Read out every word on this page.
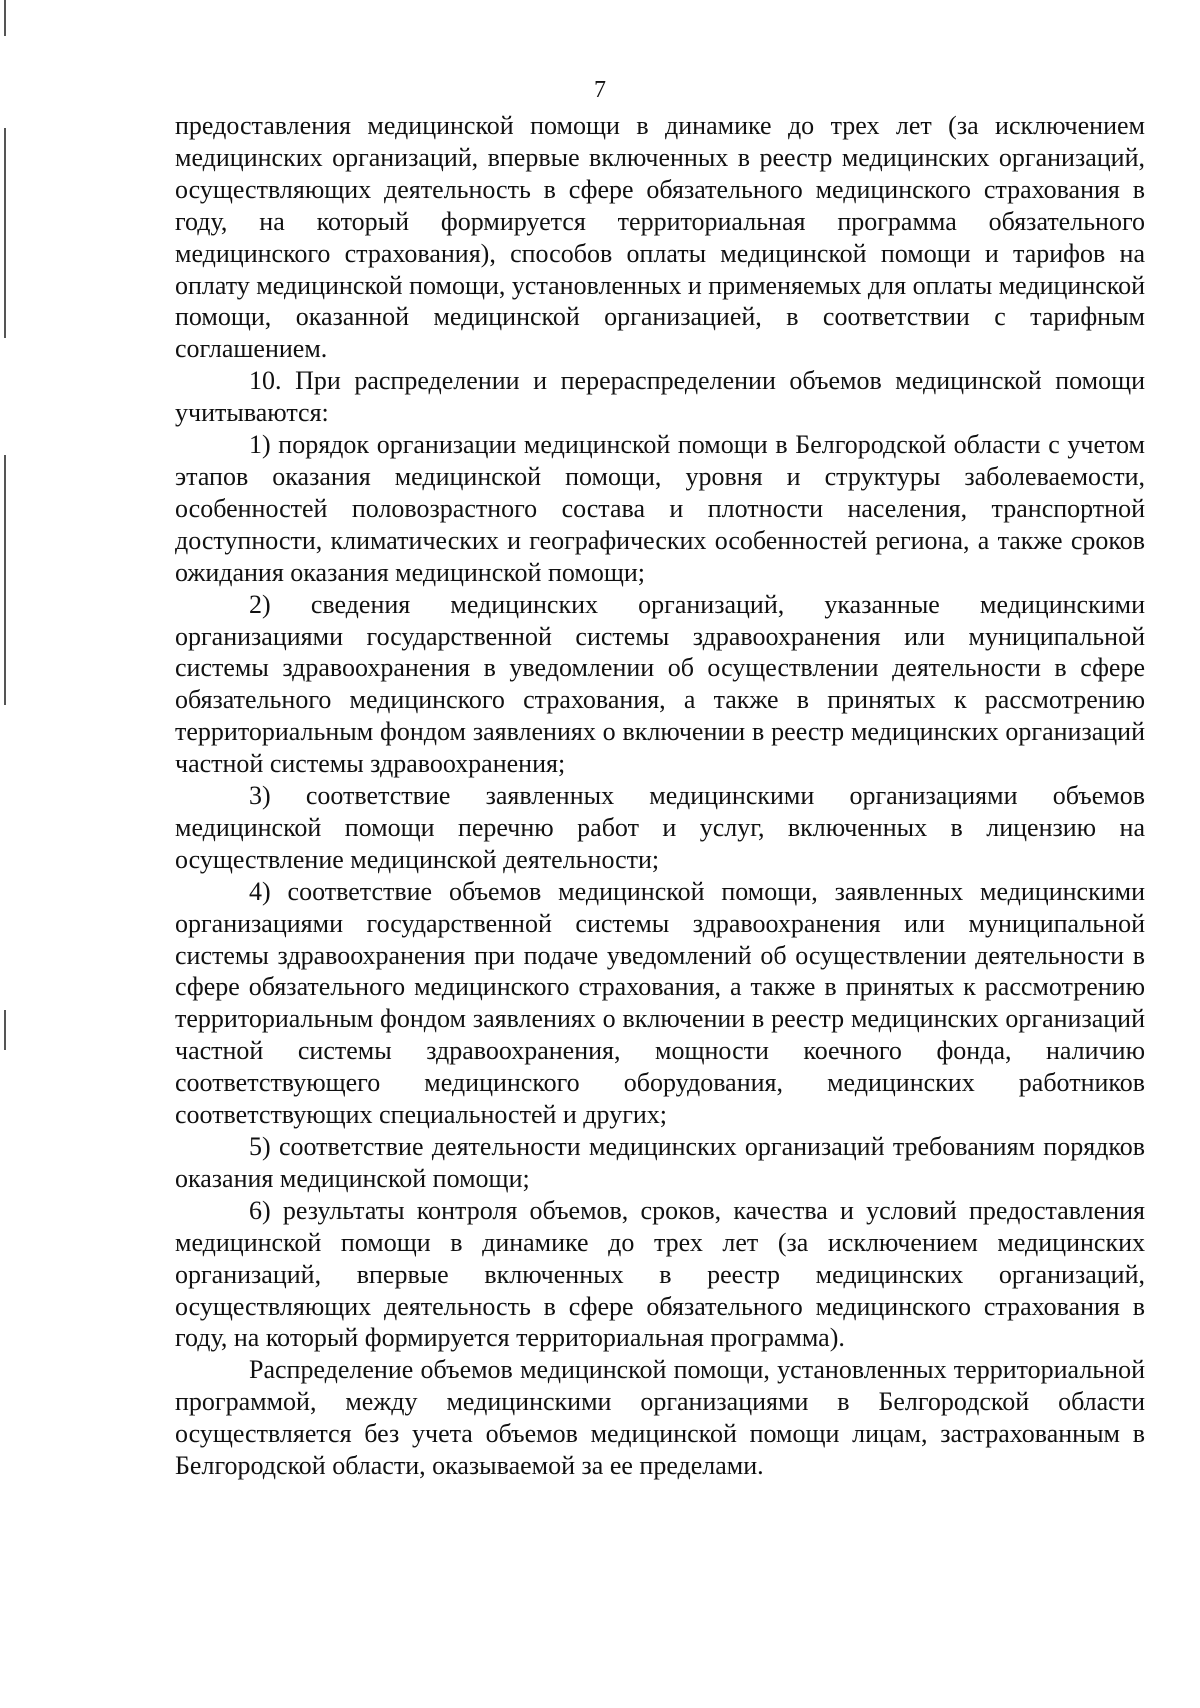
7

предоставления медицинской помощи в динамике до трех лет (за исключением медицинских организаций, впервые включенных в реестр медицинских организаций, осуществляющих деятельность в сфере обязательного медицинского страхования в году, на который формируется территориальная программа обязательного медицинского страхования), способов оплаты медицинской помощи и тарифов на оплату медицинской помощи, установленных и применяемых для оплаты медицинской помощи, оказанной медицинской организацией, в соответствии с тарифным соглашением.

10. При распределении и перераспределении объемов медицинской помощи учитываются:

1) порядок организации медицинской помощи в Белгородской области с учетом этапов оказания медицинской помощи, уровня и структуры заболеваемости, особенностей половозрастного состава и плотности населения, транспортной доступности, климатических и географических особенностей региона, а также сроков ожидания оказания медицинской помощи;

2) сведения медицинских организаций, указанные медицинскими организациями государственной системы здравоохранения или муниципальной системы здравоохранения в уведомлении об осуществлении деятельности в сфере обязательного медицинского страхования, а также в принятых к рассмотрению территориальным фондом заявлениях о включении в реестр медицинских организаций частной системы здравоохранения;

3) соответствие заявленных медицинскими организациями объемов медицинской помощи перечню работ и услуг, включенных в лицензию на осуществление медицинской деятельности;

4) соответствие объемов медицинской помощи, заявленных медицинскими организациями государственной системы здравоохранения или муниципальной системы здравоохранения при подаче уведомлений об осуществлении деятельности в сфере обязательного медицинского страхования, а также в принятых к рассмотрению территориальным фондом заявлениях о включении в реестр медицинских организаций частной системы здравоохранения, мощности коечного фонда, наличию соответствующего медицинского оборудования, медицинских работников соответствующих специальностей и других;

5) соответствие деятельности медицинских организаций требованиям порядков оказания медицинской помощи;

6) результаты контроля объемов, сроков, качества и условий предоставления медицинской помощи в динамике до трех лет (за исключением медицинских организаций, впервые включенных в реестр медицинских организаций, осуществляющих деятельность в сфере обязательного медицинского страхования в году, на который формируется территориальная программа).

Распределение объемов медицинской помощи, установленных территориальной программой, между медицинскими организациями в Белгородской области осуществляется без учета объемов медицинской помощи лицам, застрахованным в Белгородской области, оказываемой за ее пределами.
